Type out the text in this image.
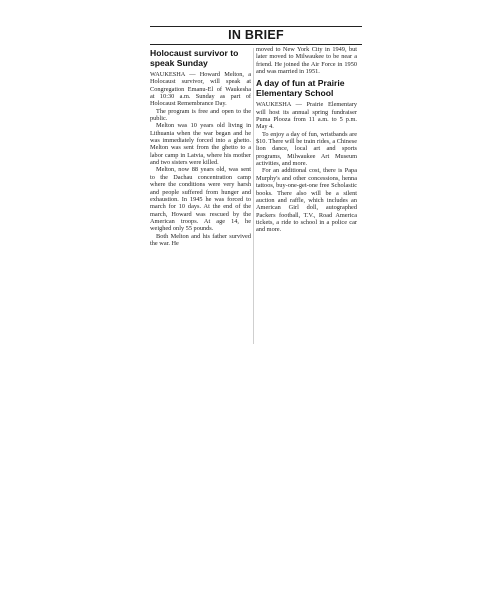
IN BRIEF
Holocaust survivor to speak Sunday

WAUKESHA — Howard Melton, a Holocaust survivor, will speak at Congregation Emanu-El of Waukesha at 10:30 a.m. Sunday as part of Holocaust Remembrance Day.

The program is free and open to the public.

Melton was 10 years old living in Lithuania when the war began and he was immediately forced into a ghetto. Melton was sent from the ghetto to a labor camp in Latvia, where his mother and two sisters were killed.

Melton, now 88 years old, was sent to the Dachau concentration camp where the conditions were very harsh and people suffered from hunger and exhaustion. In 1945 he was forced to march for 10 days. At the end of the march, Howard was rescued by the American troops. At age 14, he weighed only 55 pounds.

Both Melton and his father survived the war. He

moved to New York City in 1949, but later moved to Milwaukee to be near a friend. He joined the Air Force in 1950 and was married in 1951.

A day of fun at Prairie Elementary School

WAUKESHA — Prairie Elementary will host its annual spring fundraiser Puma Plooza from 11 a.m. to 5 p.m. May 4.

To enjoy a day of fun, wristbands are $10. There will be train rides, a Chinese lion dance, local art and sports programs, Milwaukee Art Museum activities, and more.

For an additional cost, there is Papa Murphy's and other concessions, henna tattoos, buy-one-get-one free Scholastic books. There also will be a silent auction and raffle, which includes an American Girl doll, autographed Packers football, T.V., Road America tickets, a ride to school in a police car and more.
